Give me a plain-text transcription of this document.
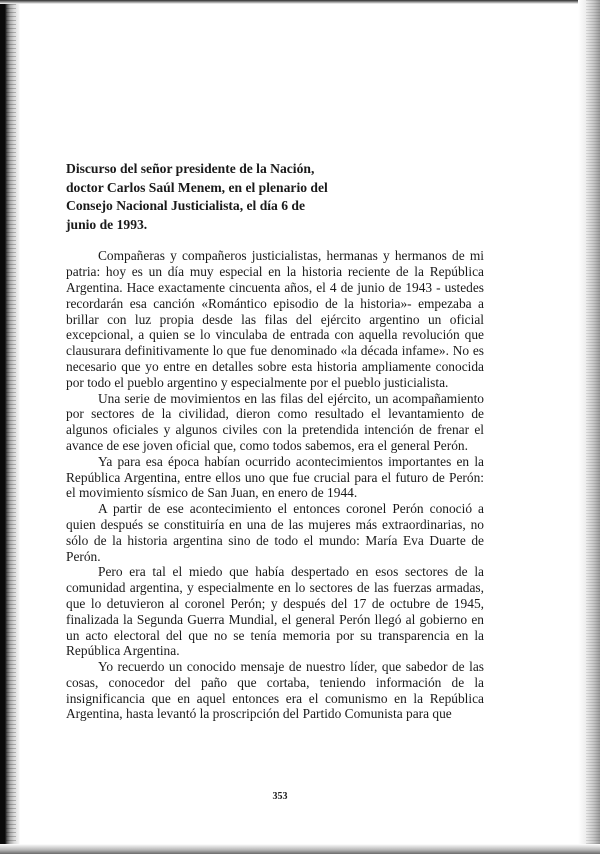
Discurso del señor presidente de la Nación,
doctor Carlos Saúl Menem, en el plenario del
Consejo Nacional Justicialista, el día 6 de
junio de 1993.

Compañeras y compañeros justicialistas, hermanas y hermanos de mi patria: hoy es un día muy especial en la historia reciente de la República Argentina. Hace exactamente cincuenta años, el 4 de junio de 1943 - ustedes recordarán esa canción «Romántico episodio de la historia»- empezaba a brillar con luz propia desde las filas del ejército argentino un oficial excepcional, a quien se lo vinculaba de entrada con aquella revolución que clausurara definitivamente lo que fue denominado «la década infame». No es necesario que yo entre en detalles sobre esta historia ampliamente conocida por todo el pueblo argentino y especialmente por el pueblo justicialista.

Una serie de movimientos en las filas del ejército, un acompañamiento por sectores de la civilidad, dieron como resultado el levantamiento de algunos oficiales y algunos civiles con la pretendida intención de frenar el avance de ese joven oficial que, como todos sabemos, era el general Perón.

Ya para esa época habían ocurrido acontecimientos importantes en la República Argentina, entre ellos uno que fue crucial para el futuro de Perón: el movimiento sísmico de San Juan, en enero de 1944.

A partir de ese acontecimiento el entonces coronel Perón conoció a quien después se constituiría en una de las mujeres más extraordinarias, no sólo de la historia argentina sino de todo el mundo: María Eva Duarte de Perón.

Pero era tal el miedo que había despertado en esos sectores de la comunidad argentina, y especialmente en lo sectores de las fuerzas armadas, que lo detuvieron al coronel Perón; y después del 17 de octubre de 1945, finalizada la Segunda Guerra Mundial, el general Perón llegó al gobierno en un acto electoral del que no se tenía memoria por su transparencia en la República Argentina.

Yo recuerdo un conocido mensaje de nuestro líder, que sabedor de las cosas, conocedor del paño que cortaba, teniendo información de la insignificancia que en aquel entonces era el comunismo en la República Argentina, hasta levantó la proscripción del Partido Comunista para que

353
